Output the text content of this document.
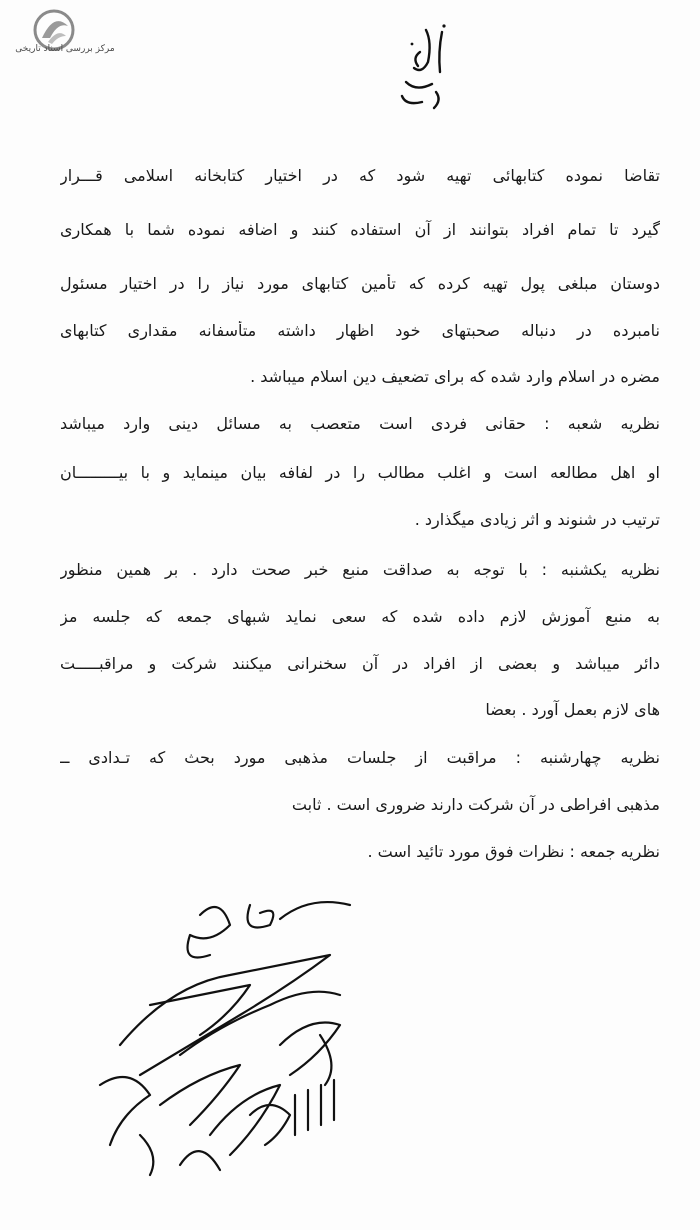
مرکز بررسی اسناد تاریخی
تقاضا نموده کتابهائی تهیه شود که در اختیار کتابخانه اسلامی قـــرار
گیرد تا تمام افراد بتوانند از آن استفاده کنند و اضافه نموده شما با همکاری
دوستان مبلغی پول تهیه کرده که تأمین کتابهای مورد نیاز را در اختیار مسئول
نامبرده در دنباله صحبتهای خود اظهار داشته متأسفانه مقداری کتابهای
مضره در اسلام وارد شده که برای تضعیف دین اسلام میباشد .
نظریه شعبه : حقانی فردی است متعصب به مسائل دینی وارد میباشد
او اهل مطالعه است و اغلب مطالب را در لفافه بیان مینماید و با بیـــــــــان
ترتیب در شنوند و اثر زیادی میگذارد .
نظریه یکشنبه : با توجه به صداقت منبع خبر صحت دارد . بر همین منظور
به منبع آموزش لازم داده شده که سعی نماید شبهای جمعه که جلسه مز
دائر میباشد و بعضی از افراد در آن سخنرانی میکنند شرکت و مراقبـــــت
های لازم بعمل آورد . بعضا
نظریه چهارشنبه : مراقبت از جلسات مذهبی مورد بحث که تـدادی ــ
مذهبی افراطی در آن شرکت دارند ضروری است . ثابت
نظریه جمعه : نظرات فوق مورد تائید است .
